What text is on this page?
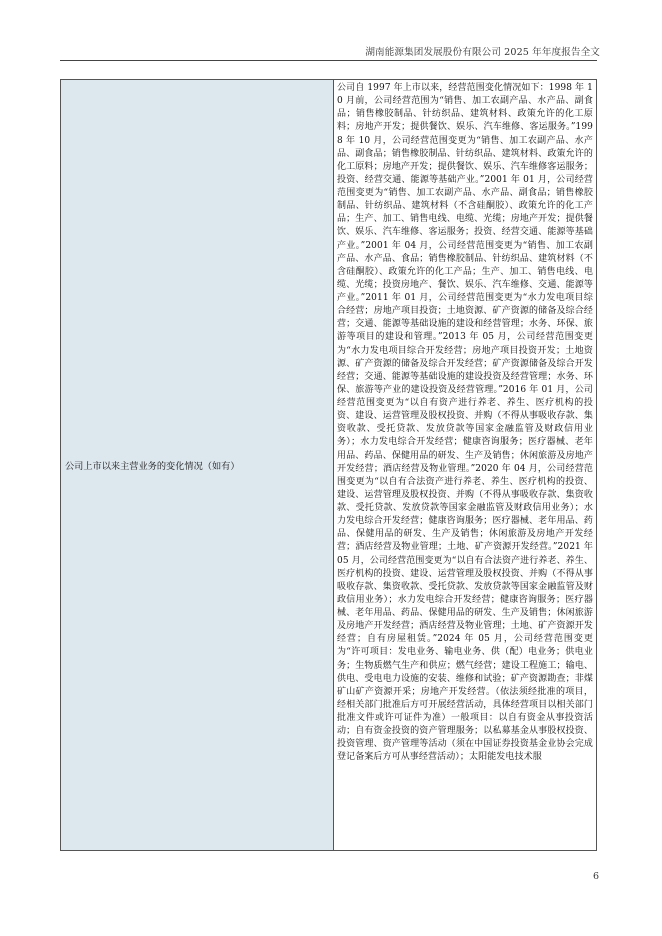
湖南能源集团发展股份有限公司 2025 年年度报告全文
公司上市以来主营业务的变化情况（如有）	公司自 1997 年上市以来，经营范围变化情况如下：1998 年 10 月前，公司经营范围为“销售、加工农副产品、水产品、副食品；销售橡胶制品、针纺织品、建筑材料、政策允许的化工原料；房地产开发；提供餐饮、娱乐、汽车维修、客运服务。”1998 年 10 月，公司经营范围变更为“销售、加工农副产品、水产品、副食品；销售橡胶制品、针纺织品、建筑材料、政策允许的化工原料；房地产开发；提供餐饮、娱乐、汽车维修客运服务；投资、经营交通、能源等基础产业。”2001 年 01 月，公司经营范围变更为“销售、加工农副产品、水产品、副食品；销售橡胶制品、针纺织品、建筑材料（不含硅酮胶）、政策允许的化工产品；生产、加工、销售电线、电缆、光缆；房地产开发；提供餐饮、娱乐、汽车维修、客运服务；投资、经营交通、能源等基础产业。”2001 年 04 月，公司经营范围变更为“销售、加工农副产品、水产品、食品；销售橡胶制品、针纺织品、建筑材料（不含硅酮胶）、政策允许的化工产品；生产、加工、销售电线、电缆、光缆；投资房地产、餐饮、娱乐、汽车维修、交通、能源等产业。”2011 年 01 月，公司经营范围变更为“水力发电项目综合经营；房地产项目投资；土地资源、矿产资源的储备及综合经营；交通、能源等基础设施的建设和经营管理；水务、环保、旅游等项目的建设和管理。”2013 年 05 月，公司经营范围变更为“水力发电项目综合开发经营；房地产项目投资开发；土地资源、矿产资源的储备及综合开发经营；矿产资源储备及综合开发经营；交通、能源等基础设施的建设投资及经营管理；水务、环保、旅游等产业的建设投资及经营管理。”2016 年 01 月，公司经营范围变更为“以自有资产进行养老、养生、医疗机构的投资、建设、运营管理及股权投资、并购（不得从事吸收存款、集资收款、受托贷款、发放贷款等国家金融监管及财政信用业务）；水力发电综合开发经营；健康咨询服务；医疗器械、老年用品、药品、保健用品的研发、生产及销售；休闲旅游及房地产开发经营；酒店经营及物业管理。”2020 年 04 月，公司经营范围变更为“以自有合法资产进行养老、养生、医疗机构的投资、建设、运营管理及股权投资、并购（不得从事吸收存款、集资收款、受托贷款、发放贷款等国家金融监管及财政信用业务）；水力发电综合开发经营；健康咨询服务；医疗器械、老年用品、药品、保健用品的研发、生产及销售；休闲旅游及房地产开发经营；酒店经营及物业管理；土地、矿产资源开发经营。”2021 年 05 月，公司经营范围变更为“以自有合法资产进行养老、养生、医疗机构的投资、建设、运营管理及股权投资、并购（不得从事吸收存款、集资收款、受托贷款、发放贷款等国家金融监管及财政信用业务）；水力发电综合开发经营；健康咨询服务；医疗器械、老年用品、药品、保健用品的研发、生产及销售；休闲旅游及房地产开发经营；酒店经营及物业管理；土地、矿产资源开发经营；自有房屋租赁。”2024 年 05 月，公司经营范围变更为“许可项目：发电业务、输电业务、供（配）电业务；供电业务；生物质燃气生产和供应；燃气经营；建设工程施工；输电、供电、受电电力设施的安装、维修和试验；矿产资源勘查；非煤矿山矿产资源开采；房地产开发经营。（依法须经批准的项目，经相关部门批准后方可开展经营活动，具体经营项目以相关部门批准文件或许可证件为准）一般项目：以自有资金从事投资活动；自有资金投资的资产管理服务；以私募基金从事股权投资、投资管理、资产管理等活动（须在中国证券投资基金业协会完成登记备案后方可从事经营活动）；太阳能发电技术服
6
